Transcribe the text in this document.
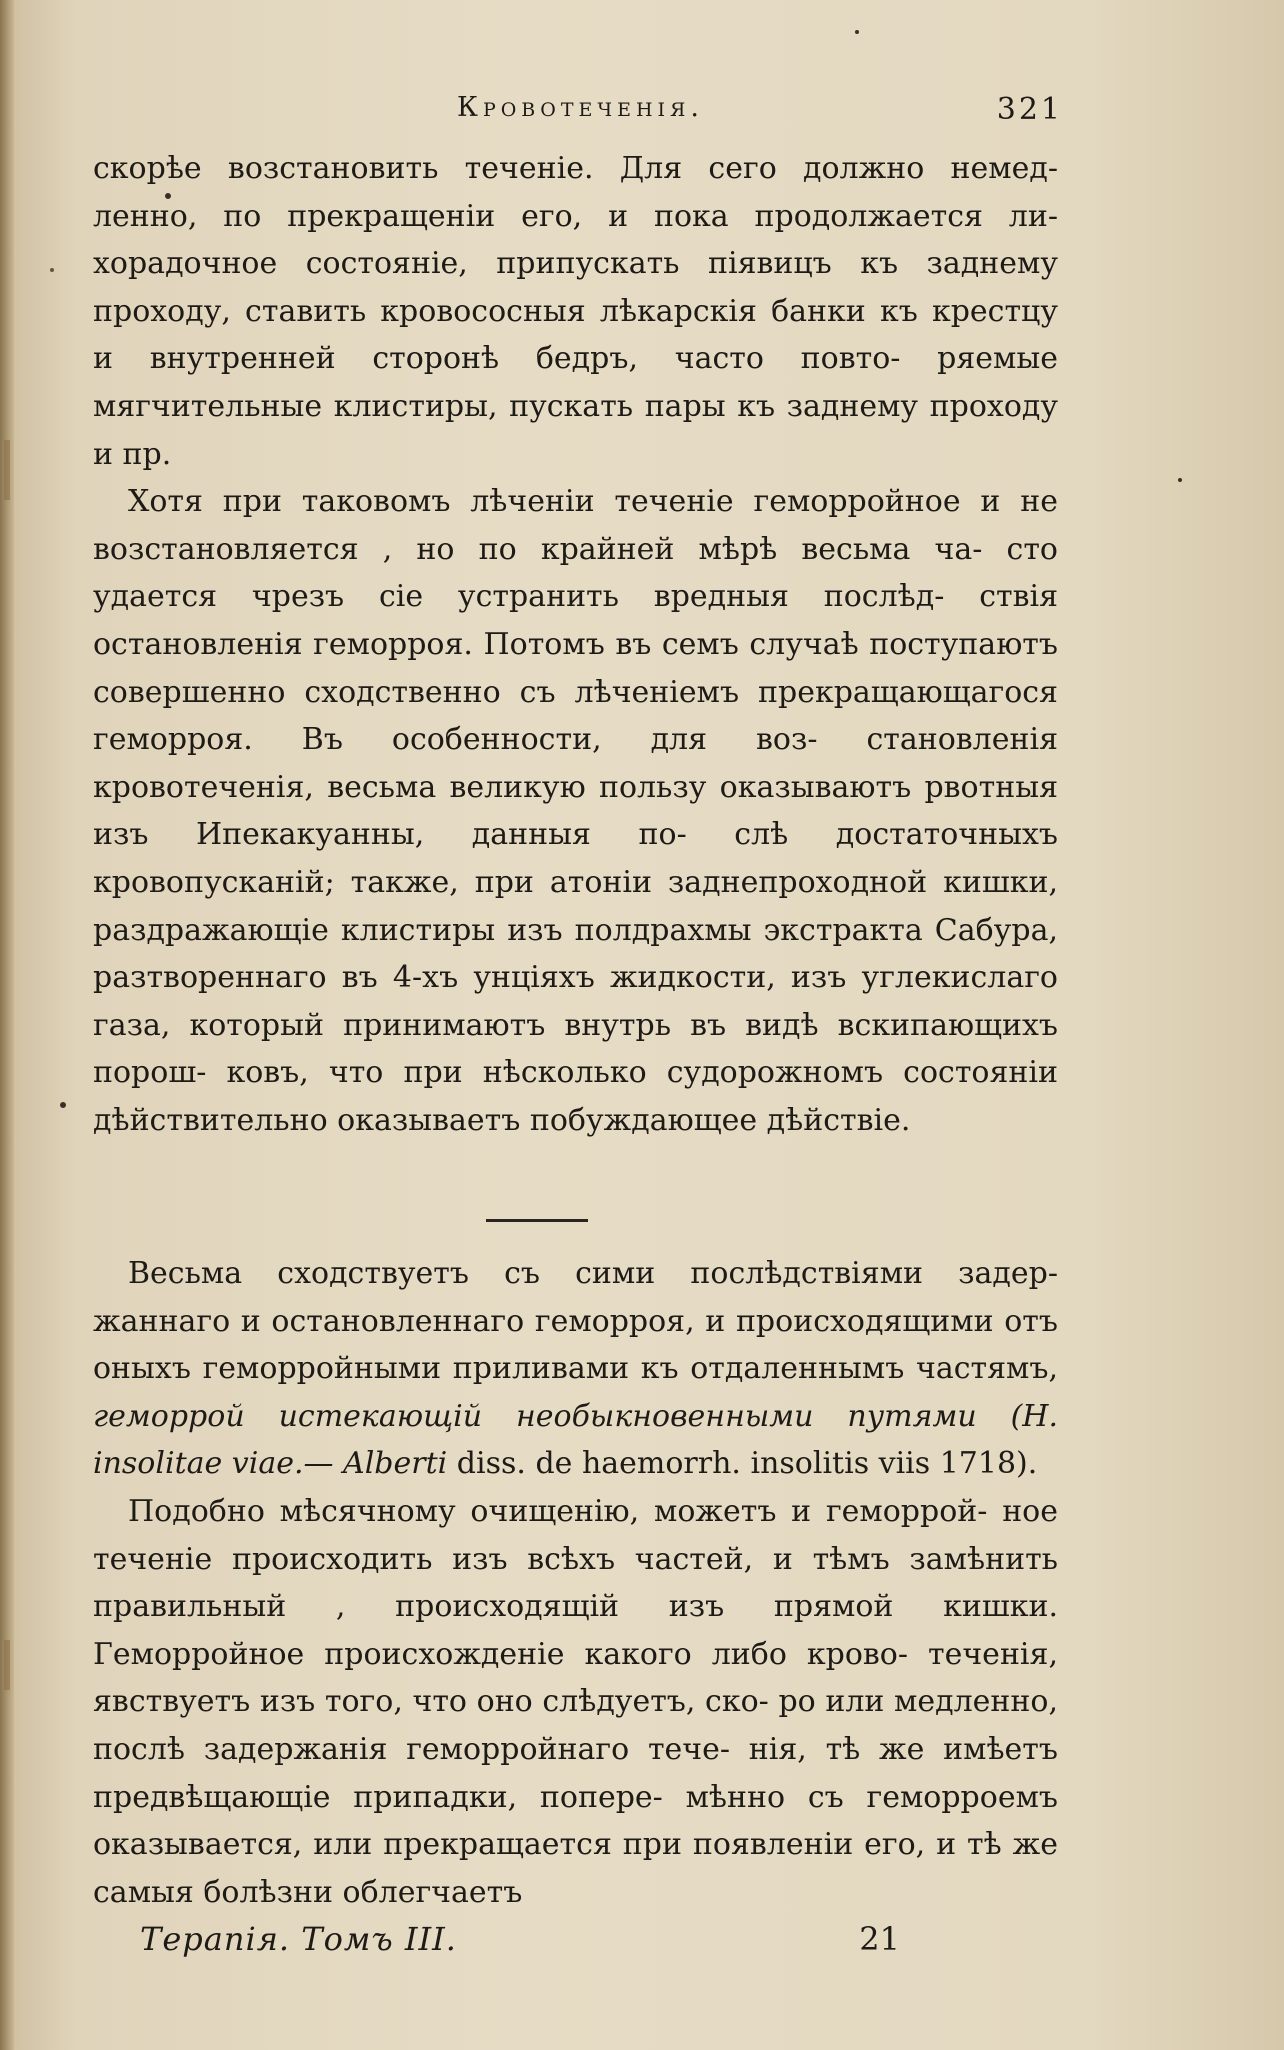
Кровотеченія.	321

скорѣе возстановить теченіе. Для сего должно немед- ленно, по прекращеніи его, и пока продолжается ли- хорадочное состояніе, припускать піявицъ къ заднему проходу, ставить кровососныя лѣкарскія банки къ крестцу и внутренней сторонѣ бедръ, часто повто- ряемые мягчительные клистиры, пускать пары къ заднему проходу и пр.

Хотя при таковомъ лѣченіи теченіе геморройное и не возстановляется , но по крайней мѣрѣ весьма ча- сто удается чрезъ сіе устранить вредныя послѣд- ствія остановленія геморроя. Потомъ въ семъ случаѣ поступаютъ совершенно сходственно съ лѣченіемъ прекращающагося геморроя. Въ особенности, для воз- становленія кровотеченія, весьма великую пользу оказываютъ рвотныя изъ Ипекакуанны, данныя по- слѣ достаточныхъ кровопусканій; также, при атоніи заднепроходной кишки, раздражающіе клистиры изъ полдрахмы экстракта Сабура, разтвореннаго въ 4-хъ унціяхъ жидкости, изъ углекислаго газа, который принимаютъ внутрь въ видѣ вскипающихъ порош- ковъ, что при нѣсколько судорожномъ состояніи дѣйствительно оказываетъ побуждающее дѣйствіе.

Весьма сходствуетъ съ сими послѣдствіями задер- жаннаго и остановленнаго геморроя, и происходящими отъ оныхъ геморройными приливами къ отдаленнымъ частямъ, геморрой истекающій необыкновенными путями (H. insolitae viae.— Alberti diss. de haemorrh. insolitis viis 1718).

Подобно мѣсячному очищенію, можетъ и геморрой- ное теченіе происходить изъ всѣхъ частей, и тѣмъ замѣнить правильный , происходящій изъ прямой кишки. Геморройное происхожденіе какого либо крово- теченія, явствуетъ изъ того, что оно слѣдуетъ, ско- ро или медленно, послѣ задержанія геморройнаго тече- нія, тѣ же имѣетъ предвѣщающіе припадки, попере- мѣнно съ геморроемъ оказывается, или прекращается при появленіи его, и тѣ же самыя болѣзни облегчаетъ

Терапія. Томъ III.	21
